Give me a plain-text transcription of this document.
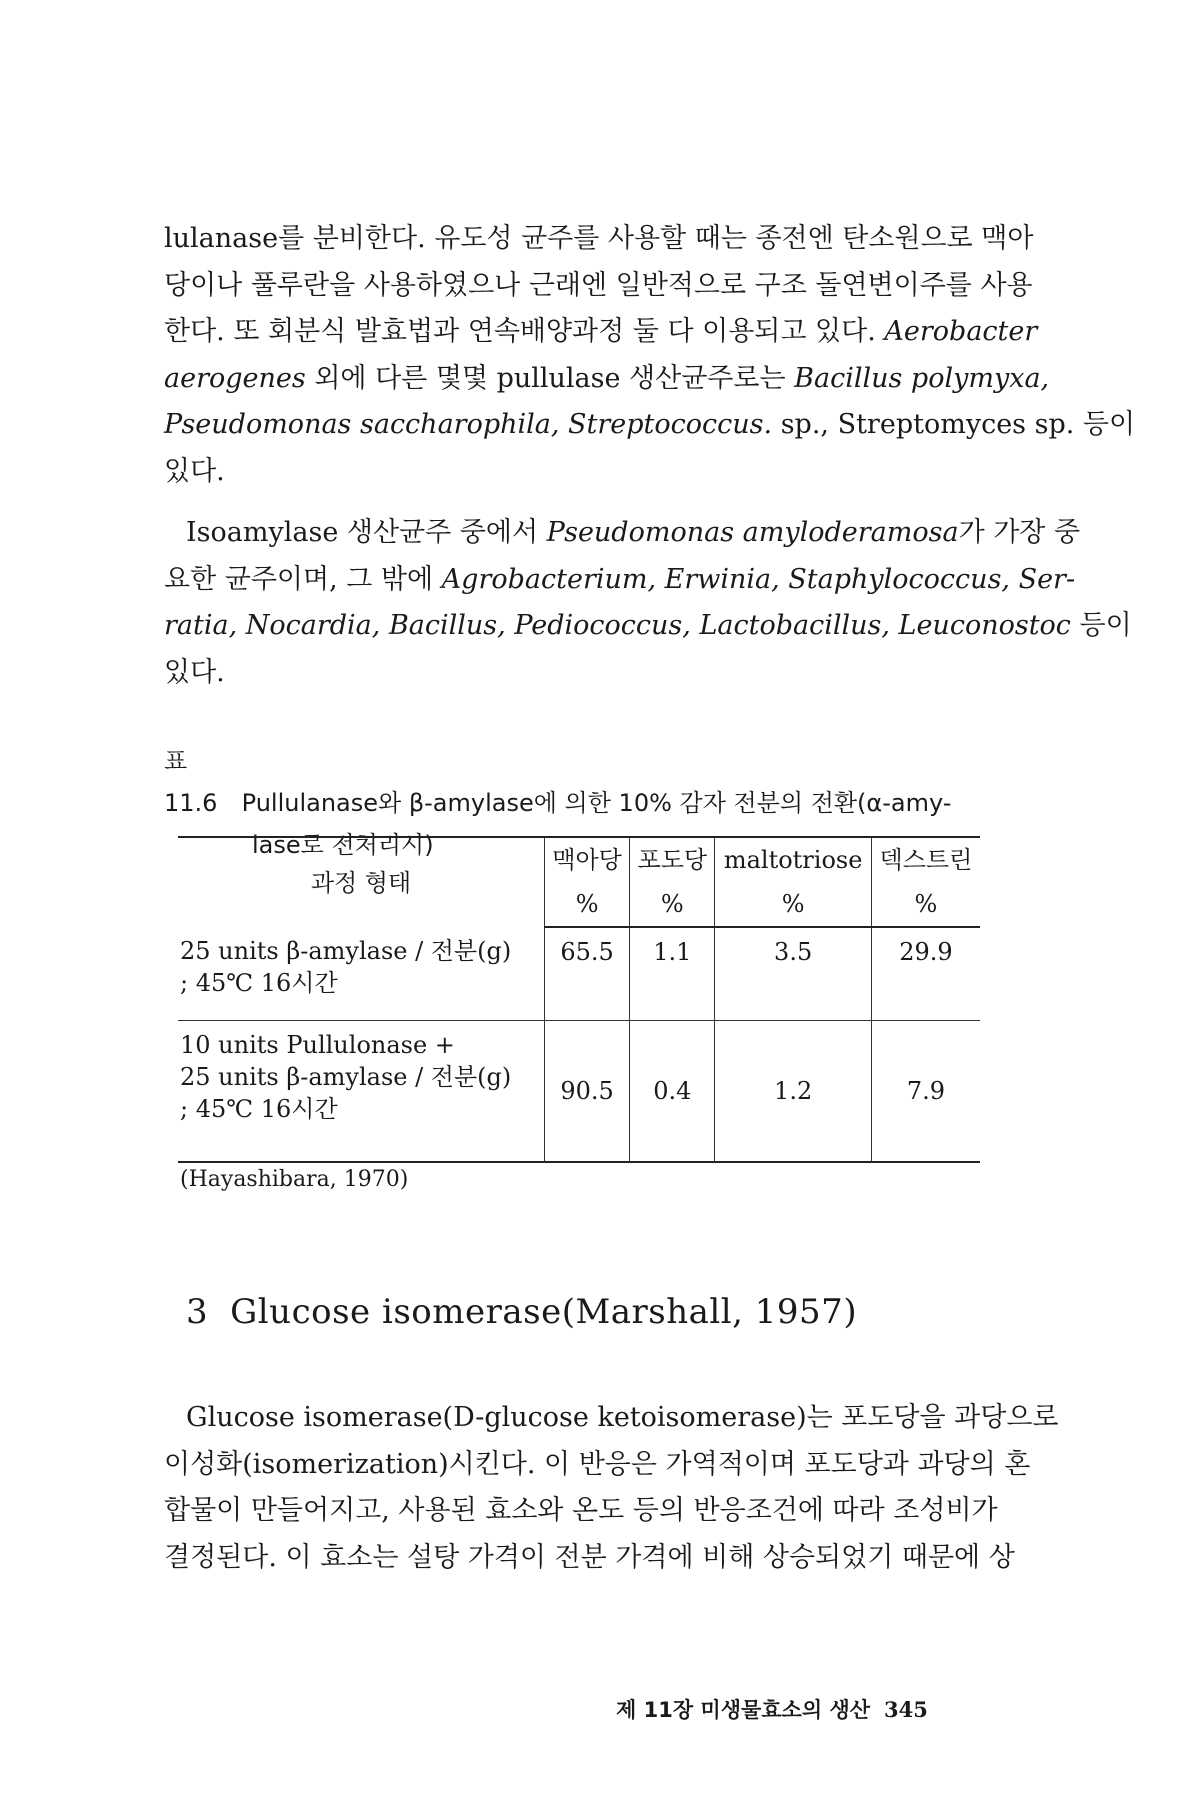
lulanase를 분비한다. 유도성 균주를 사용할 때는 종전엔 탄소원으로 맥아
당이나 풀루란을 사용하였으나 근래엔 일반적으로 구조 돌연변이주를 사용
한다. 또 회분식 발효법과 연속배양과정 둘 다 이용되고 있다. Aerobacter
aerogenes 외에 다른 몇몇 pullulase 생산균주로는 Bacillus polymyxa,
Pseudomonas saccharophila, Streptococcus. sp., Streptomyces sp. 등이
있다.

Isoamylase 생산균주 중에서 Pseudomonas amyloderamosa가 가장 중
요한 균주이며, 그 밖에 Agrobacterium, Erwinia, Staphylococcus, Ser-
ratia, Nocardia, Bacillus, Pediococcus, Lactobacillus, Leuconostoc 등이
있다.

표 11.6 Pullulanase와 β-amylase에 의한 10% 감자 전분의 전환(α-amy-
lase로 전처리시)
과정 형태	맥아당	포도당	maltotriose	덱스트린
	%	%	%	%

25 units β-amylase / 전분(g)
; 45℃ 16시간	65.5	1.1	3.5	29.9

10 units Pullulonase +
25 units β-amylase / 전분(g)
; 45℃ 16시간	90.5	0.4	1.2	7.9
(Hayashibara, 1970)
3 Glucose isomerase(Marshall, 1957)

Glucose isomerase(D-glucose ketoisomerase)는 포도당을 과당으로
이성화(isomerization)시킨다. 이 반응은 가역적이며 포도당과 과당의 혼
합물이 만들어지고, 사용된 효소와 온도 등의 반응조건에 따라 조성비가
결정된다. 이 효소는 설탕 가격이 전분 가격에 비해 상승되었기 때문에 상

제 11장 미생물효소의 생산 345
